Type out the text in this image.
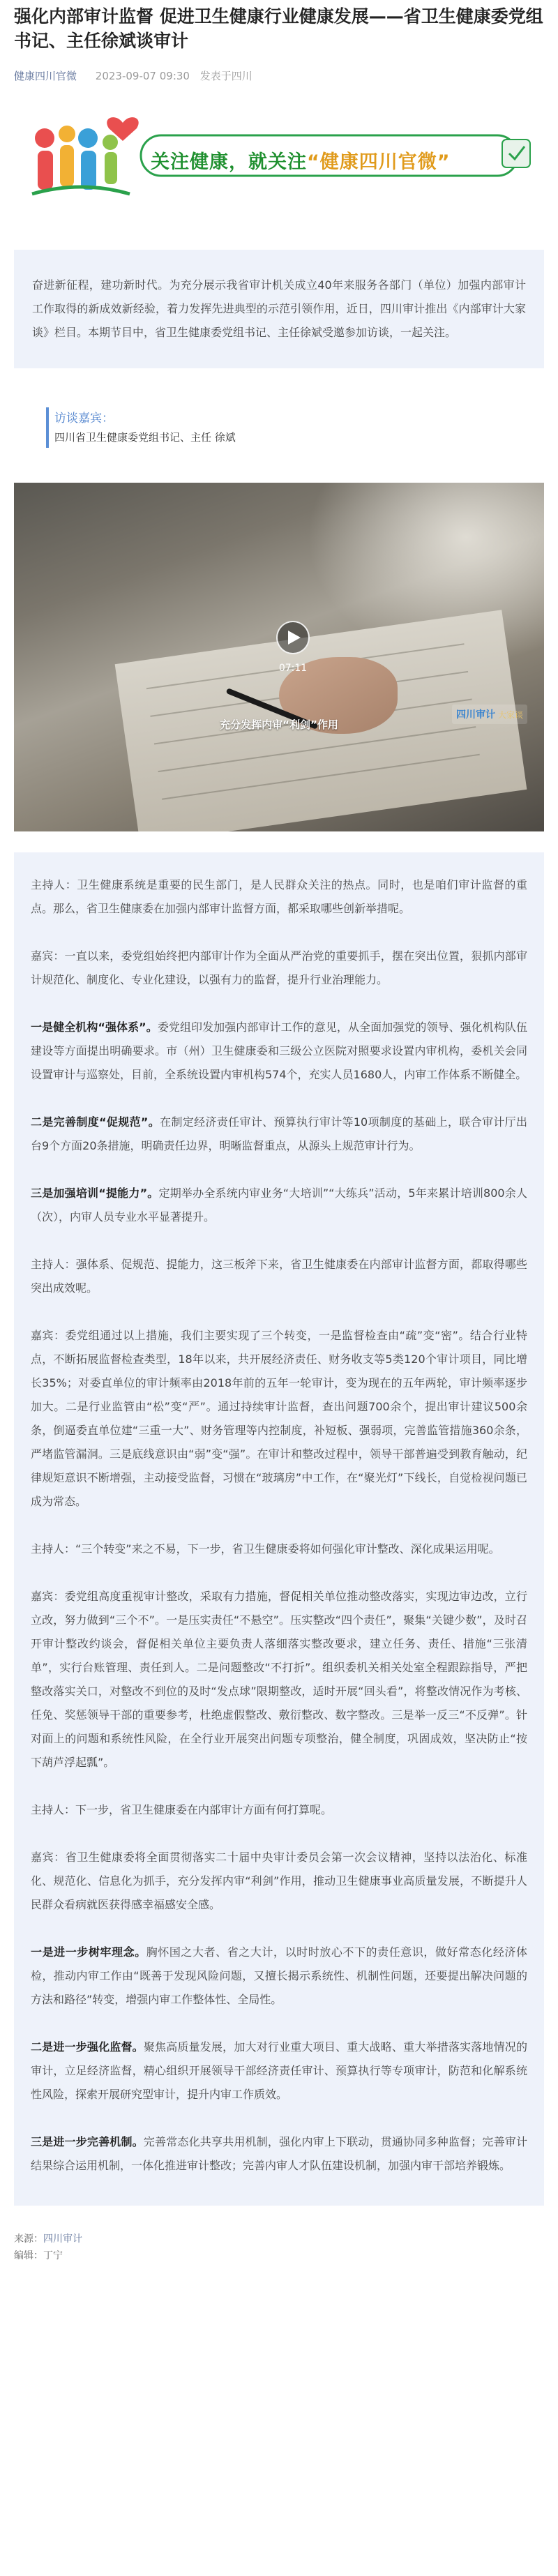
强化内部审计监督 促进卫生健康行业健康发展——省卫生健康委党组书记、主任徐斌谈审计
健康四川官微 2023-09-07 09:30 发表于四川
关注健康，就关注“健康四川官微”
奋进新征程，建功新时代。为充分展示我省审计机关成立40年来服务各部门（单位）加强内部审计工作取得的新成效新经验，着力发挥先进典型的示范引领作用，近日，四川审计推出《内部审计大家谈》栏目。本期节目中，省卫生健康委党组书记、主任徐斌受邀参加访谈，一起关注。
访谈嘉宾：
四川省卫生健康委党组书记、主任 徐斌
07:11
充分发挥内审“利剑”作用
四川审计 大家谈

主持人：卫生健康系统是重要的民生部门，是人民群众关注的热点。同时，也是咱们审计监督的重点。那么，省卫生健康委在加强内部审计监督方面，都采取哪些创新举措呢。

嘉宾：一直以来，委党组始终把内部审计作为全面从严治党的重要抓手，摆在突出位置，狠抓内部审计规范化、制度化、专业化建设，以强有力的监督，提升行业治理能力。

一是健全机构“强体系”。委党组印发加强内部审计工作的意见，从全面加强党的领导、强化机构队伍建设等方面提出明确要求。市（州）卫生健康委和三级公立医院对照要求设置内审机构，委机关会同设置审计与巡察处，目前，全系统设置内审机构574个，充实人员1680人，内审工作体系不断健全。

二是完善制度“促规范”。在制定经济责任审计、预算执行审计等10项制度的基础上，联合审计厅出台9个方面20条措施，明确责任边界，明晰监督重点，从源头上规范审计行为。

三是加强培训“提能力”。定期举办全系统内审业务“大培训”“大练兵”活动，5年来累计培训800余人（次），内审人员专业水平显著提升。

主持人：强体系、促规范、提能力，这三板斧下来，省卫生健康委在内部审计监督方面，都取得哪些突出成效呢。

嘉宾：委党组通过以上措施，我们主要实现了三个转变，一是监督检查由“疏”变“密”。结合行业特点，不断拓展监督检查类型，18年以来，共开展经济责任、财务收支等5类120个审计项目，同比增长35%；对委直单位的审计频率由2018年前的五年一轮审计，变为现在的五年两轮，审计频率逐步加大。二是行业监管由“松”变“严”。通过持续审计监督，查出问题700余个，提出审计建议500余条，倒逼委直单位建“三重一大”、财务管理等内控制度，补短板、强弱项，完善监管措施360余条，严堵监管漏洞。三是底线意识由“弱”变“强”。在审计和整改过程中，领导干部普遍受到教育触动，纪律规矩意识不断增强，主动接受监督，习惯在“玻璃房”中工作，在“聚光灯”下线长，自觉检视问题已成为常态。

主持人：“三个转变”来之不易，下一步，省卫生健康委将如何强化审计整改、深化成果运用呢。

嘉宾：委党组高度重视审计整改，采取有力措施，督促相关单位推动整改落实，实现边审边改，立行立改，努力做到“三个不”。一是压实责任“不悬空”。压实整改“四个责任”，聚集“关键少数”，及时召开审计整改约谈会，督促相关单位主要负责人落细落实整改要求，建立任务、责任、措施“三张清单”，实行台账管理、责任到人。二是问题整改“不打折”。组织委机关相关处室全程跟踪指导，严把整改落实关口，对整改不到位的及时“发点球”限期整改，适时开展“回头看”，将整改情况作为考核、任免、奖惩领导干部的重要参考，杜绝虚假整改、敷衍整改、数字整改。三是举一反三“不反弹”。针对面上的问题和系统性风险，在全行业开展突出问题专项整治，健全制度，巩固成效，坚决防止“按下葫芦浮起瓢”。

主持人：下一步，省卫生健康委在内部审计方面有何打算呢。

嘉宾：省卫生健康委将全面贯彻落实二十届中央审计委员会第一次会议精神，坚持以法治化、标准化、规范化、信息化为抓手，充分发挥内审“利剑”作用，推动卫生健康事业高质量发展，不断提升人民群众看病就医获得感幸福感安全感。

一是进一步树牢理念。胸怀国之大者、省之大计，以时时放心不下的责任意识，做好常态化经济体检，推动内审工作由“既善于发现风险问题，又擅长揭示系统性、机制性问题，还要提出解决问题的方法和路径”转变，增强内审工作整体性、全局性。

二是进一步强化监督。聚焦高质量发展，加大对行业重大项目、重大战略、重大举措落实落地情况的审计，立足经济监督，精心组织开展领导干部经济责任审计、预算执行等专项审计，防范和化解系统性风险，探索开展研究型审计，提升内审工作质效。

三是进一步完善机制。完善常态化共享共用机制，强化内审上下联动，贯通协同多种监督；完善审计结果综合运用机制，一体化推进审计整改；完善内审人才队伍建设机制，加强内审干部培养锻炼。

来源：四川审计
编辑：丁宁
